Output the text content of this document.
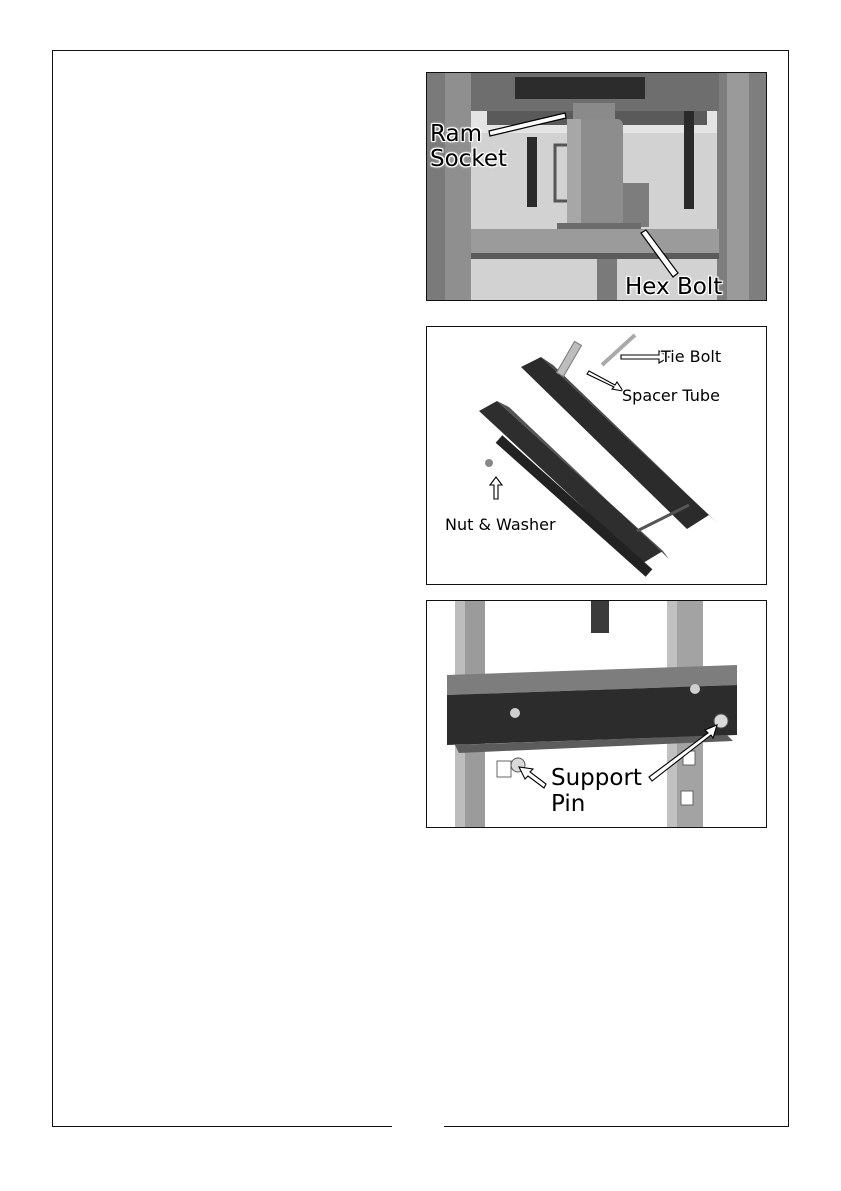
Ram
Socket
Hex Bolt
Tie Bolt
Spacer Tube
Nut & Washer
Support
Pin
